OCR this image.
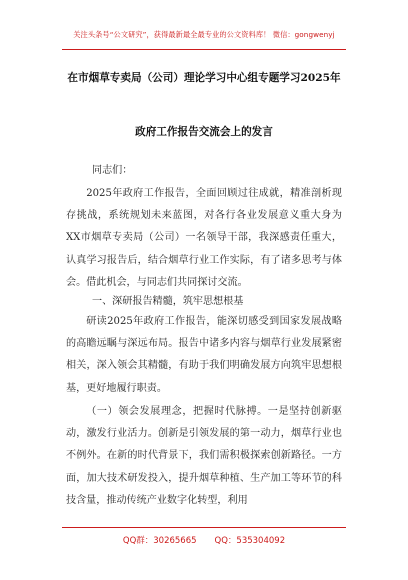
关注头条号“公文研究”，获得最新最全最专业的公文资料库！ 微信：gongwenyj
在市烟草专卖局（公司）理论学习中心组专题学习2025年
政府工作报告交流会上的发言
同志们：
2025年政府工作报告，全面回顾过往成就，精准剖析现存挑战，系统规划未来蓝图，对各行各业发展意义重大身为XX市烟草专卖局（公司）一名领导干部，我深感责任重大，认真学习报告后，结合烟草行业工作实际，有了诸多思考与体会。借此机会，与同志们共同探讨交流。
一、深研报告精髓，筑牢思想根基
研读2025年政府工作报告，能深切感受到国家发展战略的高瞻远瞩与深远布局。报告中诸多内容与烟草行业发展紧密相关，深入领会其精髓，有助于我们明确发展方向筑牢思想根基，更好地履行职责。
（一）领会发展理念，把握时代脉搏。一是坚持创新驱动，激发行业活力。创新是引领发展的第一动力，烟草行业也不例外。在新的时代背景下，我们需积极探索创新路径。一方面，加大技术研发投入，提升烟草种植、生产加工等环节的科技含量，推动传统产业数字化转型，利用
QQ群：30265665 QQ：535304092
